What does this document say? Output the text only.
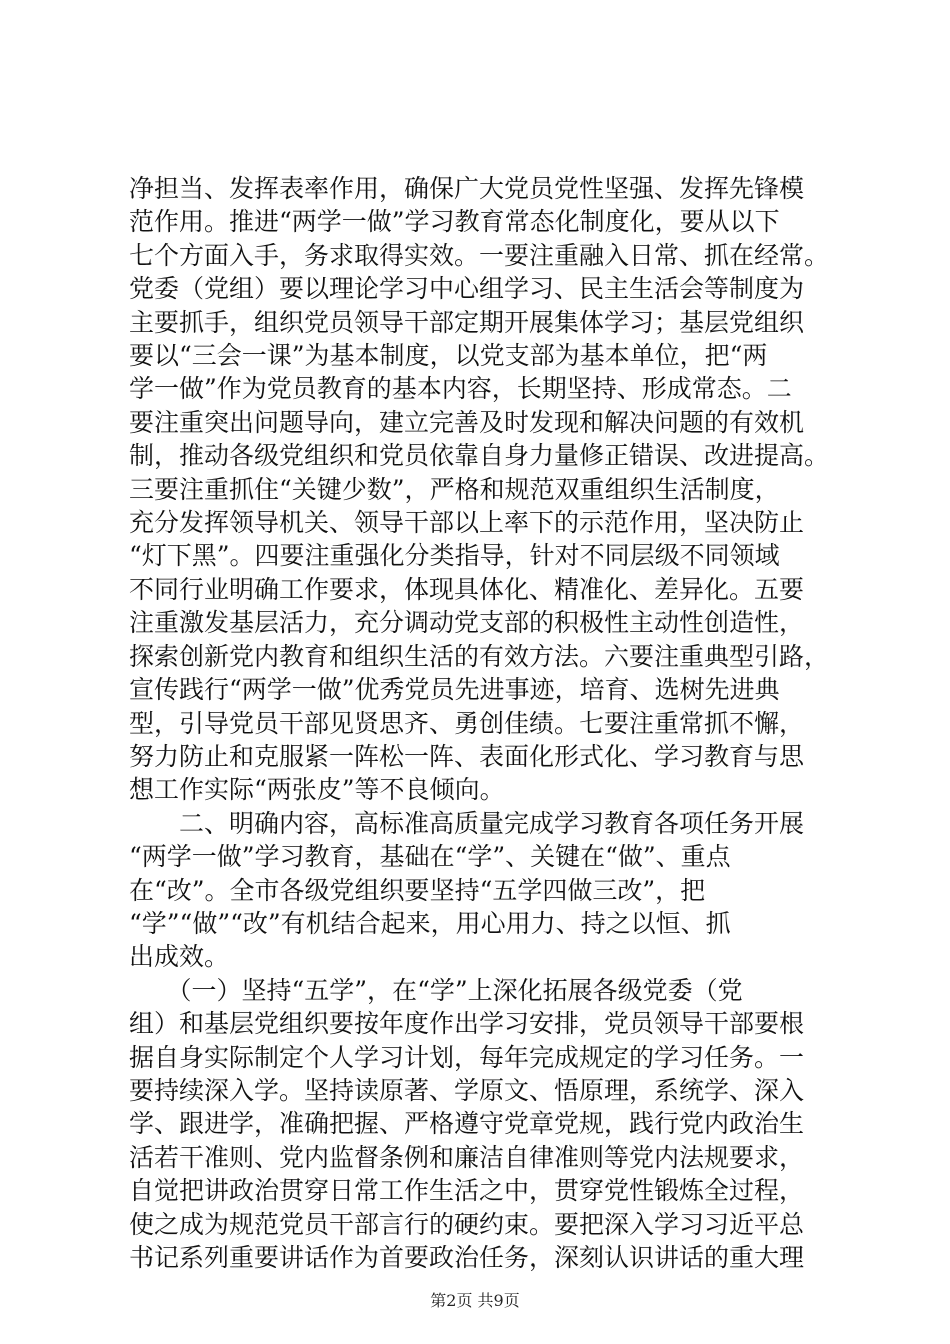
净担当、发挥表率作用，确保广大党员党性坚强、发挥先锋模
范作用。推进“两学一做”学习教育常态化制度化，要从以下
七个方面入手，务求取得实效。一要注重融入日常、抓在经常。
党委（党组）要以理论学习中心组学习、民主生活会等制度为
主要抓手，组织党员领导干部定期开展集体学习；基层党组织
要以“三会一课”为基本制度，以党支部为基本单位，把“两
学一做”作为党员教育的基本内容，长期坚持、形成常态。二
要注重突出问题导向，建立完善及时发现和解决问题的有效机
制，推动各级党组织和党员依靠自身力量修正错误、改进提高。
三要注重抓住“关键少数”，严格和规范双重组织生活制度，
充分发挥领导机关、领导干部以上率下的示范作用，坚决防止
“灯下黑”。四要注重强化分类指导，针对不同层级不同领域
不同行业明确工作要求，体现具体化、精准化、差异化。五要
注重激发基层活力，充分调动党支部的积极性主动性创造性，
探索创新党内教育和组织生活的有效方法。六要注重典型引路，
宣传践行“两学一做”优秀党员先进事迹，培育、选树先进典
型，引导党员干部见贤思齐、勇创佳绩。七要注重常抓不懈，
努力防止和克服紧一阵松一阵、表面化形式化、学习教育与思
想工作实际“两张皮”等不良倾向。
　　二、明确内容，高标准高质量完成学习教育各项任务开展
“两学一做”学习教育，基础在“学”、关键在“做”、重点
在“改”。全市各级党组织要坚持“五学四做三改”，把
“学”“做”“改”有机结合起来，用心用力、持之以恒、抓
出成效。
　　（一）坚持“五学”，在“学”上深化拓展各级党委（党
组）和基层党组织要按年度作出学习安排，党员领导干部要根
据自身实际制定个人学习计划，每年完成规定的学习任务。一
要持续深入学。坚持读原著、学原文、悟原理，系统学、深入
学、跟进学，准确把握、严格遵守党章党规，践行党内政治生
活若干准则、党内监督条例和廉洁自律准则等党内法规要求，
自觉把讲政治贯穿日常工作生活之中，贯穿党性锻炼全过程，
使之成为规范党员干部言行的硬约束。要把深入学习习近平总
书记系列重要讲话作为首要政治任务，深刻认识讲话的重大理
第2页 共9页
